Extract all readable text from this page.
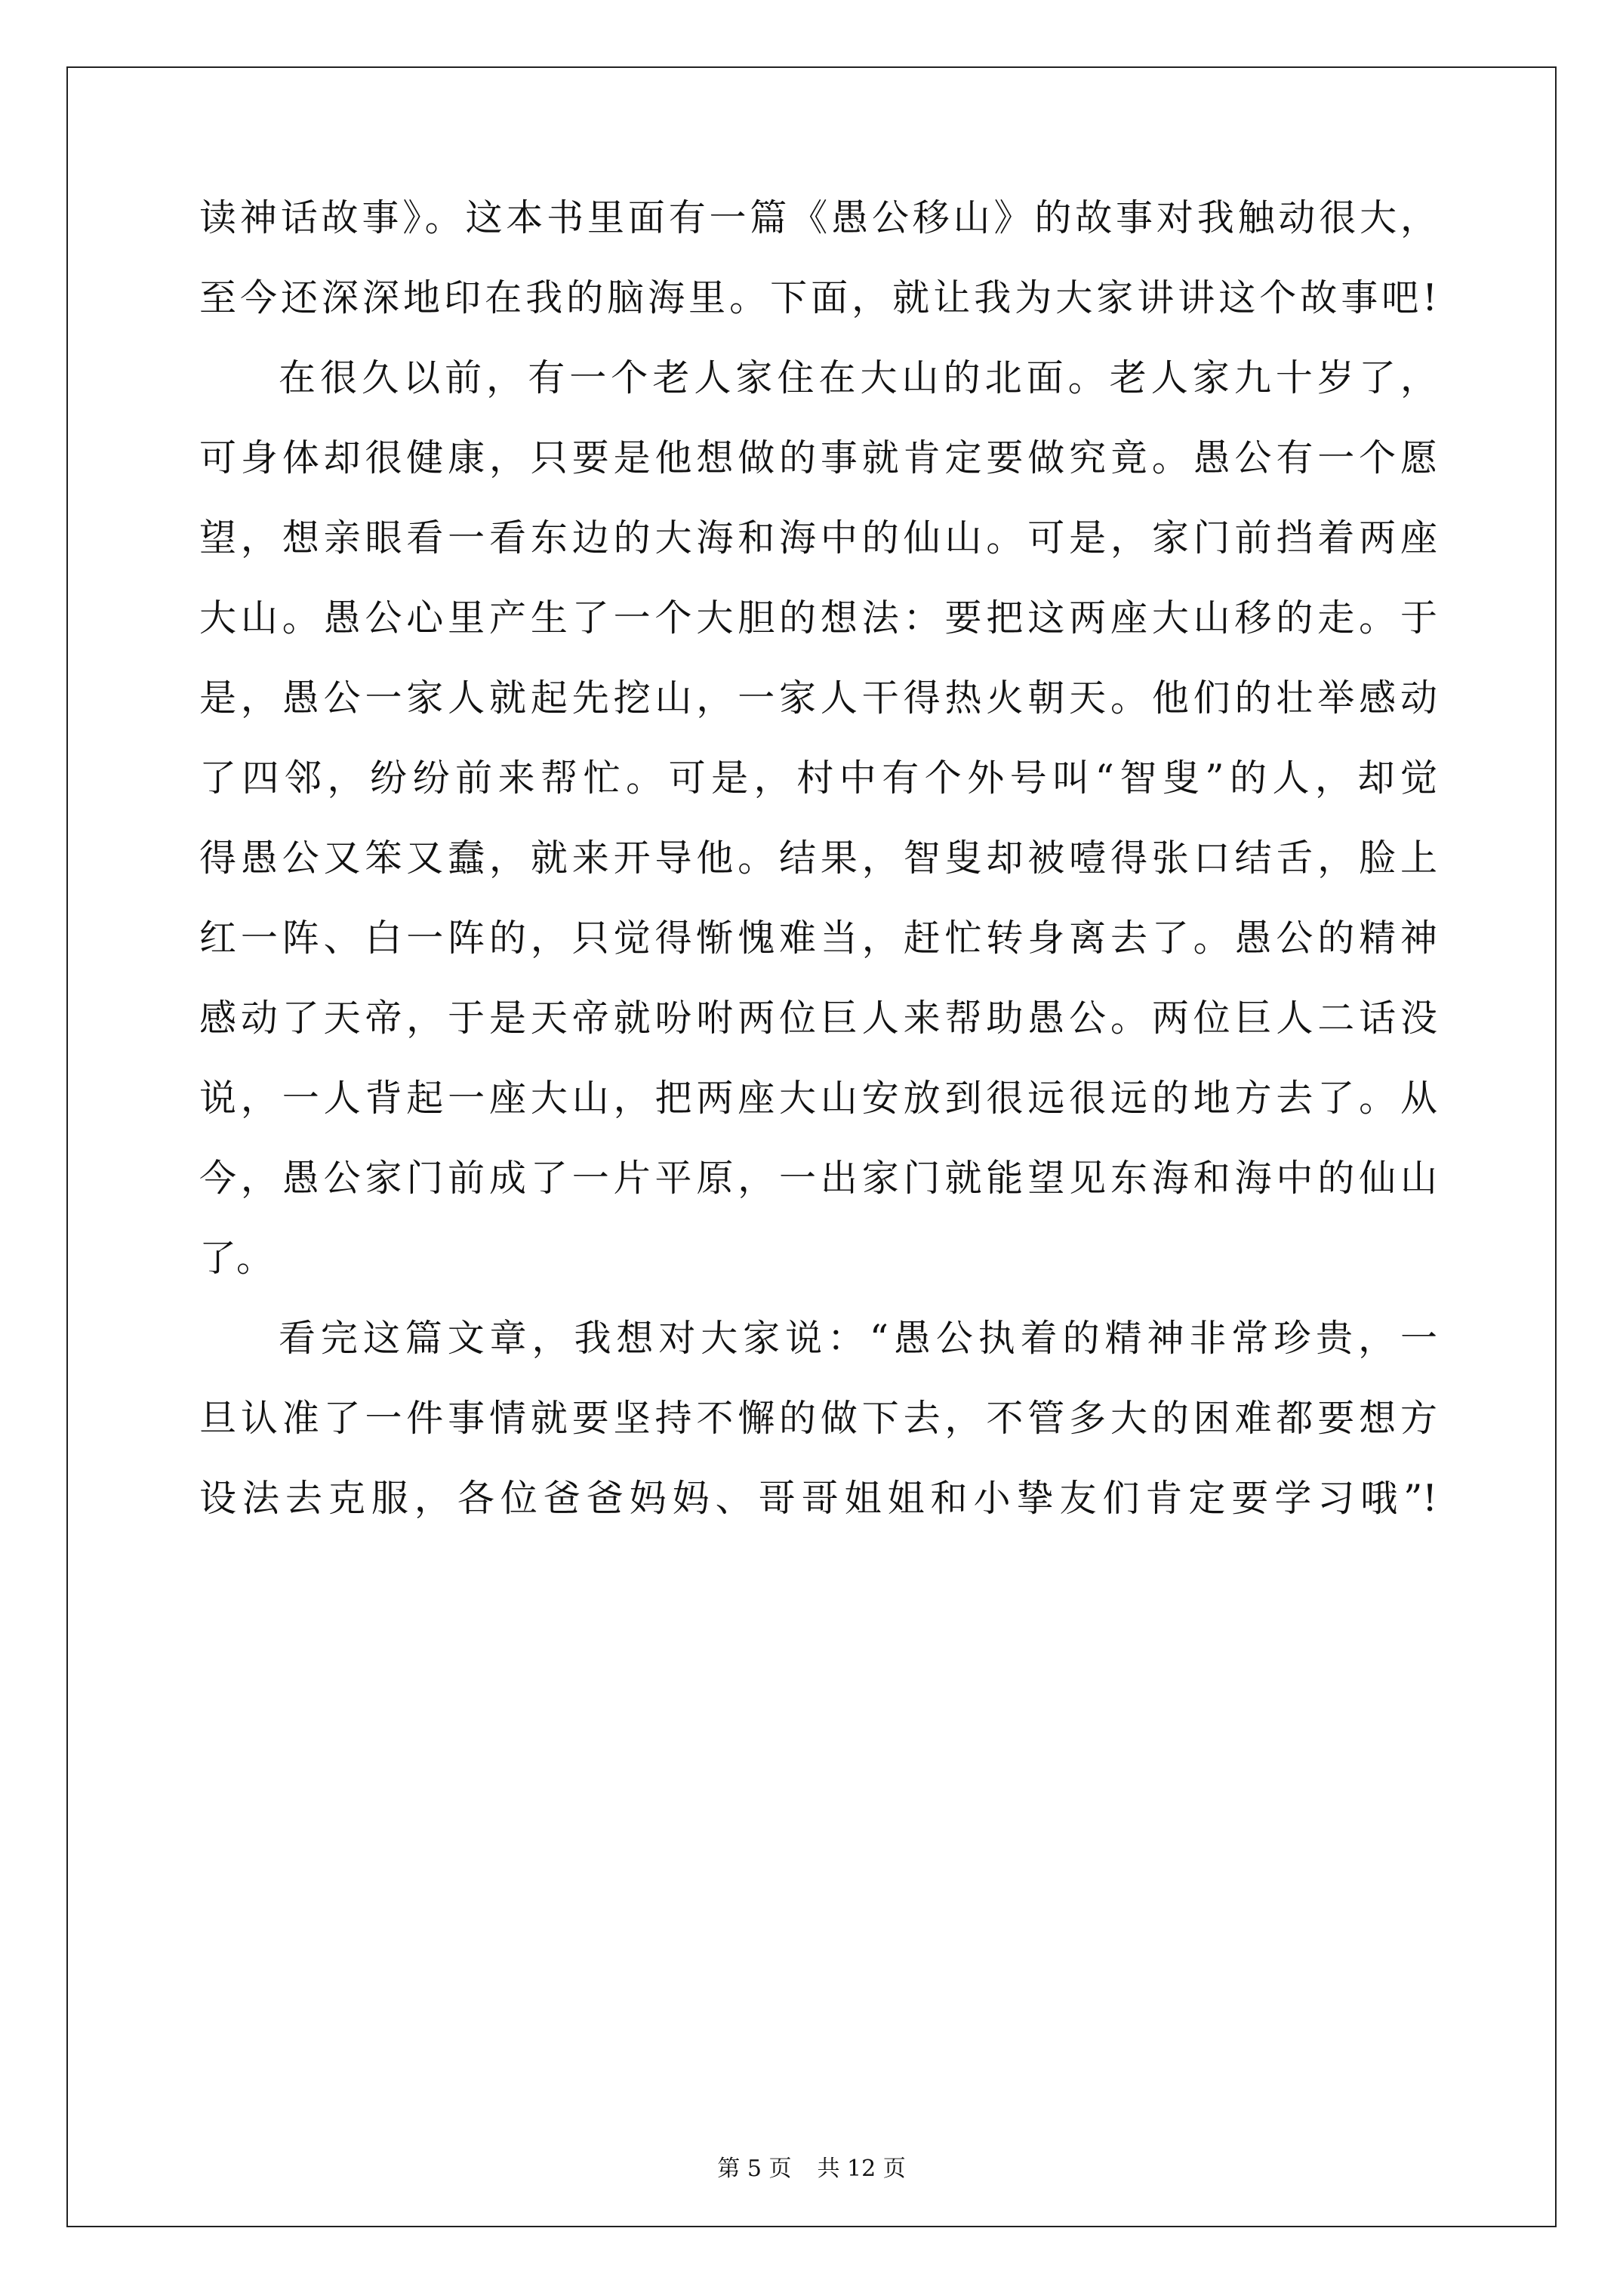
读神话故事》。这本书里面有一篇《愚公移山》的故事对我触动很大，
至今还深深地印在我的脑海里。下面，就让我为大家讲讲这个故事吧!
在很久以前，有一个老人家住在大山的北面。老人家九十岁了，
可身体却很健康，只要是他想做的事就肯定要做究竟。愚公有一个愿
望，想亲眼看一看东边的大海和海中的仙山。可是，家门前挡着两座
大山。愚公心里产生了一个大胆的想法：要把这两座大山移的走。于
是，愚公一家人就起先挖山，一家人干得热火朝天。他们的壮举感动
了四邻，纷纷前来帮忙。可是，村中有个外号叫“智叟”的人，却觉
得愚公又笨又蠢，就来开导他。结果，智叟却被噎得张口结舌，脸上
红一阵、白一阵的，只觉得惭愧难当，赶忙转身离去了。愚公的精神
感动了天帝，于是天帝就吩咐两位巨人来帮助愚公。两位巨人二话没
说，一人背起一座大山，把两座大山安放到很远很远的地方去了。从
今，愚公家门前成了一片平原，一出家门就能望见东海和海中的仙山
了。
看完这篇文章，我想对大家说：“愚公执着的精神非常珍贵，一
旦认准了一件事情就要坚持不懈的做下去，不管多大的困难都要想方
设法去克服，各位爸爸妈妈、哥哥姐姐和小挚友们肯定要学习哦”!
第 5 页 共 12 页
